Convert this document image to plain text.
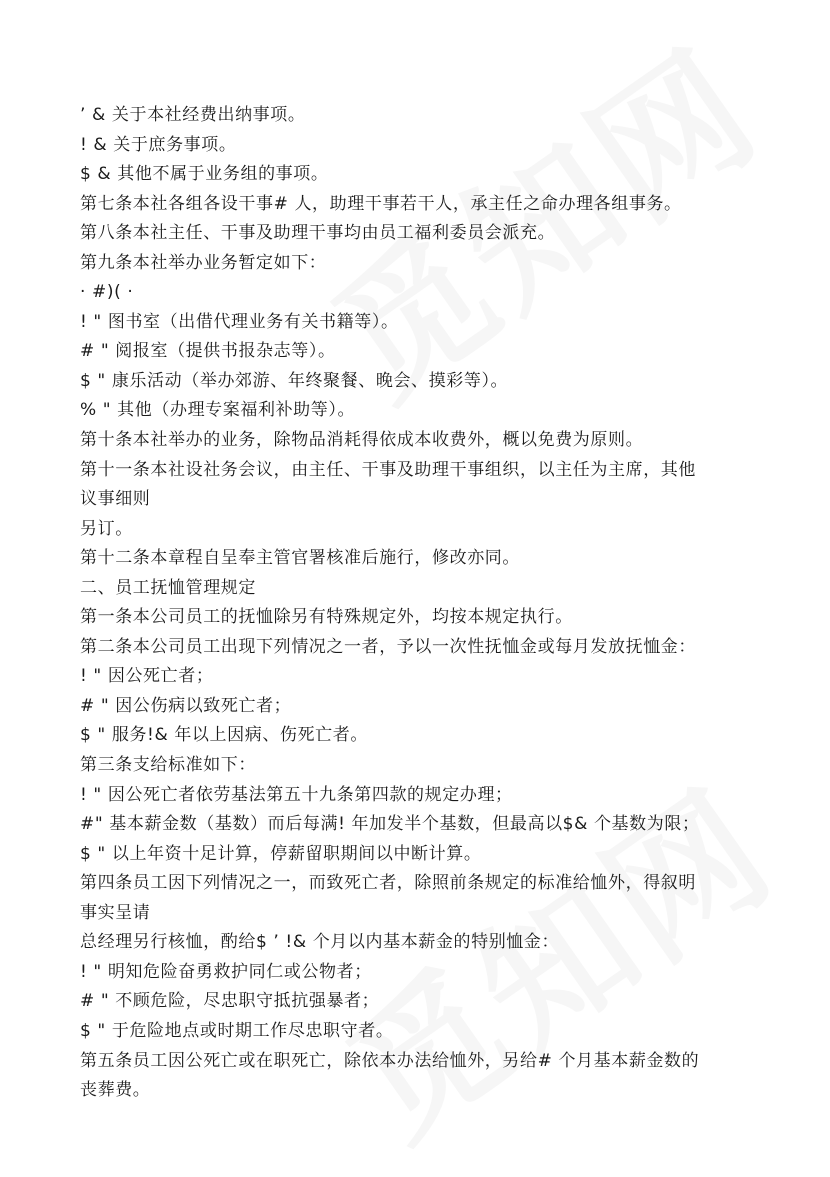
’ & 关于本社经费出纳事项。
! & 关于庶务事项。
$ & 其他不属于业务组的事项。
第七条本社各组各设干事# 人，助理干事若干人，承主任之命办理各组事务。
第八条本社主任、干事及助理干事均由员工福利委员会派充。
第九条本社举办业务暂定如下：
· #)( ·
! " 图书室（出借代理业务有关书籍等）。
# " 阅报室（提供书报杂志等）。
$ " 康乐活动（举办郊游、年终聚餐、晚会、摸彩等）。
% " 其他（办理专案福利补助等）。
第十条本社举办的业务，除物品消耗得依成本收费外，概以免费为原则。
第十一条本社设社务会议，由主任、干事及助理干事组织，以主任为主席，其他
议事细则
另订。
第十二条本章程自呈奉主管官署核准后施行，修改亦同。
二、员工抚恤管理规定
第一条本公司员工的抚恤除另有特殊规定外，均按本规定执行。
第二条本公司员工出现下列情况之一者，予以一次性抚恤金或每月发放抚恤金：
! " 因公死亡者；
# " 因公伤病以致死亡者；
$ " 服务!& 年以上因病、伤死亡者。
第三条支给标准如下：
! " 因公死亡者依劳基法第五十九条第四款的规定办理；
#" 基本薪金数（基数）而后每满! 年加发半个基数，但最高以$& 个基数为限；
$ " 以上年资十足计算，停薪留职期间以中断计算。
第四条员工因下列情况之一，而致死亡者，除照前条规定的标准给恤外，得叙明
事实呈请
总经理另行核恤，酌给$ ’ !& 个月以内基本薪金的特别恤金：
! " 明知危险奋勇救护同仁或公物者；
# " 不顾危险，尽忠职守抵抗强暴者；
$ " 于危险地点或时期工作尽忠职守者。
第五条员工因公死亡或在职死亡，除依本办法给恤外，另给# 个月基本薪金数的
丧葬费。
